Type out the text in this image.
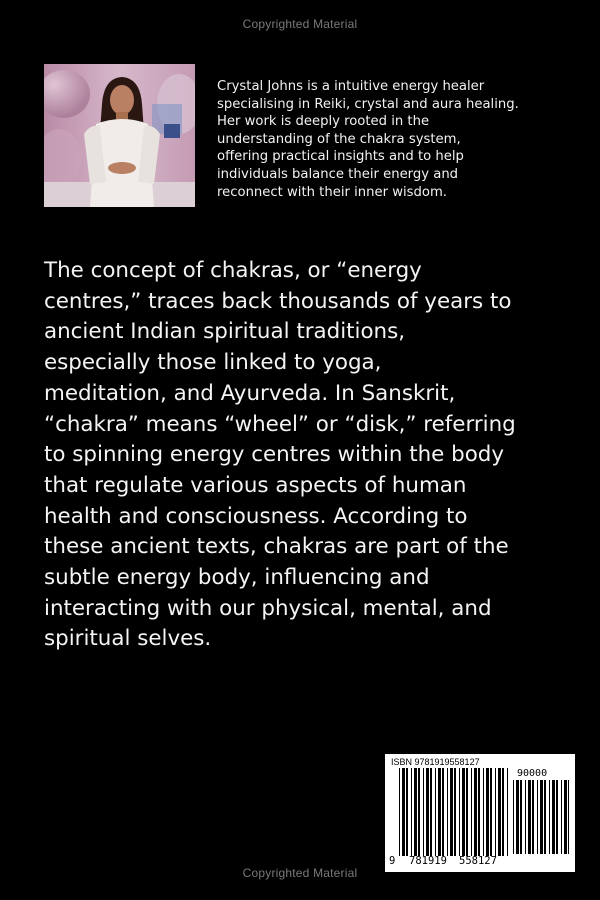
Copyrighted Material
Crystal Johns is a intuitive energy healer
specialising in Reiki, crystal and aura healing.
Her work is deeply rooted in the
understanding of the chakra system,
offering practical insights and to help
individuals balance their energy and
reconnect with their inner wisdom.
The concept of chakras, or “energy
centres,” traces back thousands of years to
ancient Indian spiritual traditions,
especially those linked to yoga,
meditation, and Ayurveda. In Sanskrit,
“chakra” means “wheel” or “disk,” referring
to spinning energy centres within the body
that regulate various aspects of human
health and consciousness. According to
these ancient texts, chakras are part of the
subtle energy body, influencing and
interacting with our physical, mental, and
spiritual selves.
ISBN 9781919558127
90000
9 781919 558127
Copyrighted Material
